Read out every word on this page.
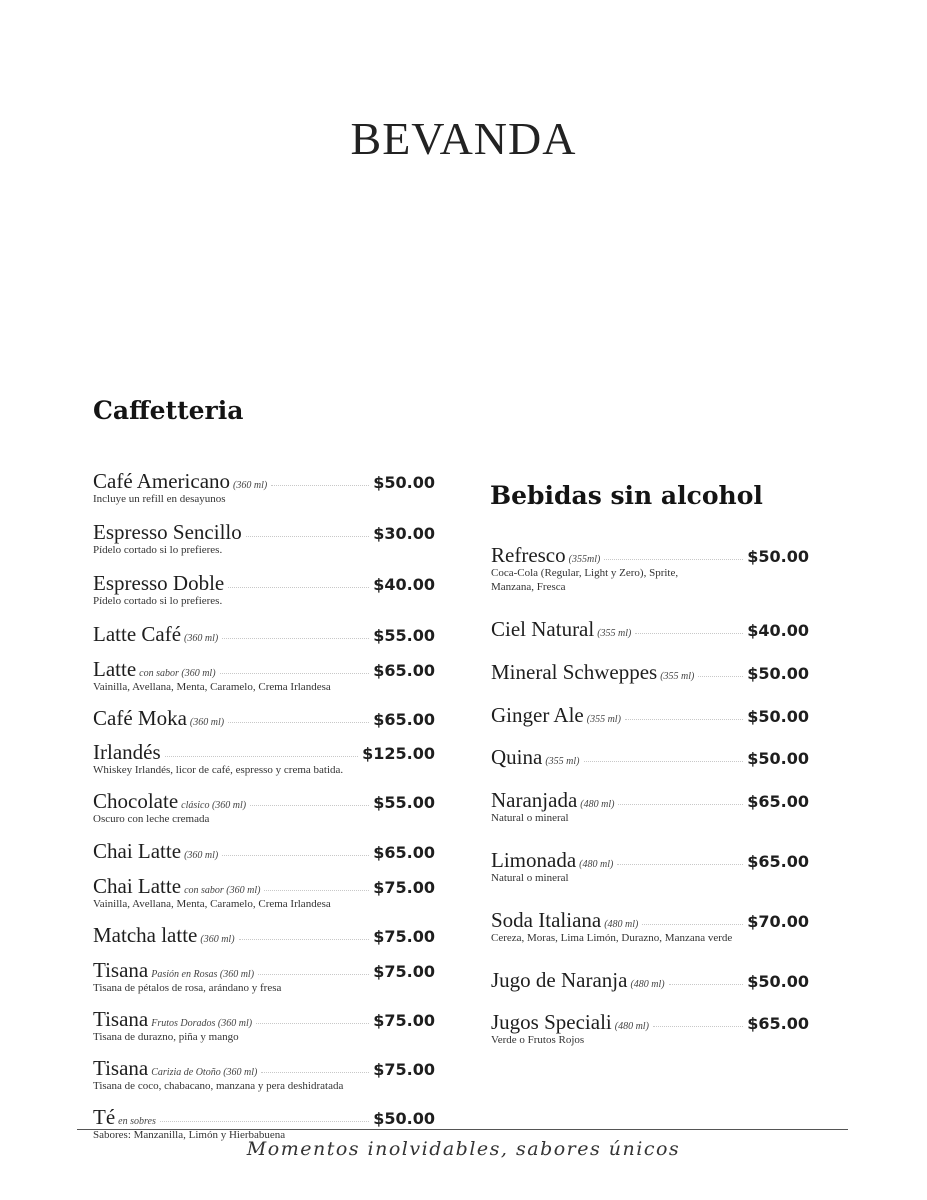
BEVANDA
Caffetteria
Café Americano (360 ml)	$50.00
Incluye un refill en desayunos
Espresso Sencillo	$30.00
Pídelo cortado si lo prefieres.
Espresso Doble	$40.00
Pídelo cortado si lo prefieres.
Latte Café (360 ml)	$55.00
Latte con sabor (360 ml)	$65.00
Vainilla, Avellana, Menta, Caramelo, Crema Irlandesa
Café Moka (360 ml)	$65.00
Irlandés	$125.00
Whiskey Irlandés, licor de café, espresso y crema batida.
Chocolate clásico (360 ml)	$55.00
Oscuro con leche cremada
Chai Latte (360 ml)	$65.00
Chai Latte con sabor (360 ml)	$75.00
Vainilla, Avellana, Menta, Caramelo, Crema Irlandesa
Matcha latte (360 ml)	$75.00
Tisana Pasión en Rosas (360 ml)	$75.00
Tisana de pétalos de rosa, arándano y fresa
Tisana Frutos Dorados (360 ml)	$75.00
Tisana de durazno, piña y mango
Tisana Carizia de Otoño (360 ml)	$75.00
Tisana de coco, chabacano, manzana y pera deshidratada
Té en sobres	$50.00
Sabores: Manzanilla, Limón y Hierbabuena
Bebidas sin alcohol
Refresco (355ml)	$50.00
Coca-Cola (Regular, Light y Zero), Sprite, Manzana, Fresca
Ciel Natural (355 ml)	$40.00
Mineral Schweppes (355 ml)	$50.00
Ginger Ale (355 ml)	$50.00
Quina (355 ml)	$50.00
Naranjada (480 ml)	$65.00
Natural o mineral
Limonada (480 ml)	$65.00
Natural o mineral
Soda Italiana (480 ml)	$70.00
Cereza, Moras, Lima Limón, Durazno, Manzana verde
Jugo de Naranja (480 ml)	$50.00
Jugos Speciali (480 ml)	$65.00
Verde o Frutos Rojos
Momentos inolvidables, sabores únicos
